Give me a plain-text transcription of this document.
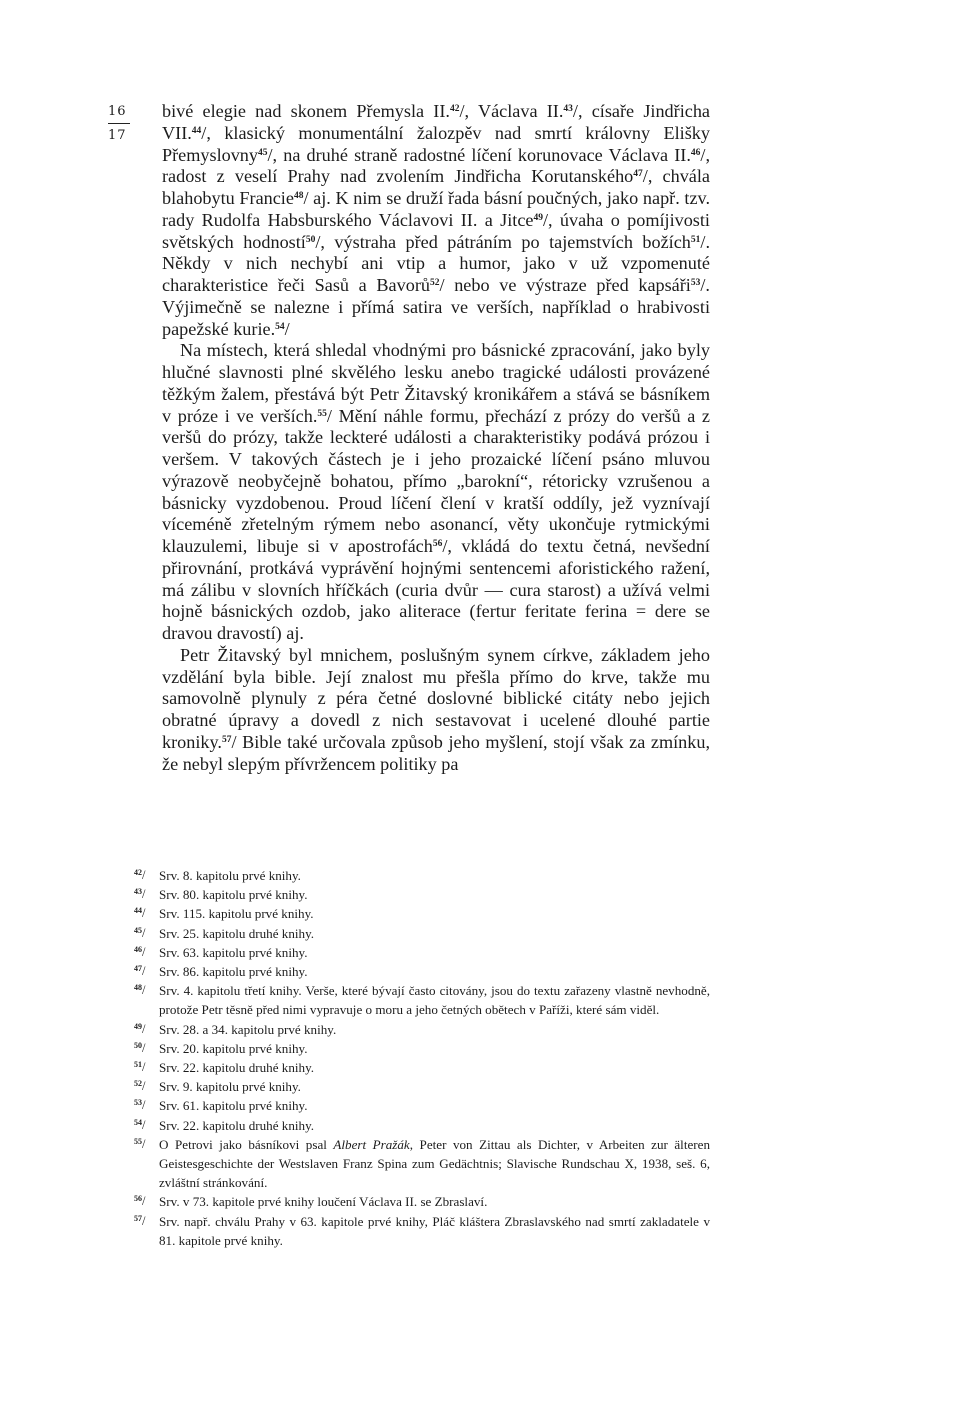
16
17

bivé elegie nad skonem Přemysla II.$^{42}$/, Václava II.$^{43}$/, císaře Jindřicha VII.$^{44}$/, klasický monumentální žalozpěv nad smrtí královny Elišky Přemyslovny$^{45}$/, na druhé straně radostné líčení korunovace Václava II.$^{46}$/, radost z veselí Prahy nad zvolením Jindřicha Korutanského$^{47}$/, chvála blahobytu Francie$^{48}$/ aj. K nim se druží řada básní poučných, jako např. tzv. rady Rudolfa Habsburského Václavovi II. a Jitce$^{49}$/, úvaha o pomíjivosti světských hodností$^{50}$/, výstraha před pátráním po tajemstvích božích$^{51}$/. Někdy v nich nechybí ani vtip a humor, jako v už vzpomenuté charakteristice řeči Sasů a Bavorů$^{52}$/ nebo ve výstraze před kapsáři$^{53}$/. Výjimečně se nalezne i přímá satira ve verších, například o hrabivosti papežské kurie.$^{54}$/

Na místech, která shledal vhodnými pro básnické zpracování, jako byly hlučné slavnosti plné skvělého lesku anebo tragické události provázené těžkým žalem, přestává být Petr Žitavský kronikářem a stává se básníkem v próze i ve verších.$^{55}$/ Mění náhle formu, přechází z prózy do veršů a z veršů do prózy, takže leckteré události a charakteristiky podává prózou i veršem. V takových částech je i jeho prozaické líčení psáno mluvou výrazově neobyčejně bohatou, přímo „barokní“, rétoricky vzrušenou a básnicky vyzdobenou. Proud líčení člení v kratší oddíly, jež vyznívají víceméně zřetelným rýmem nebo asonancí, věty ukončuje rytmickými klauzulemi, libuje si v apostrofách$^{56}$/, vkládá do textu četná, nevšední přirovnání, protkává vyprávění hojnými sentencemi aforistického ražení, má zálibu v slovních hříčkách (curia dvůr — cura starost) a užívá velmi hojně básnických ozdob, jako aliterace (fertur feritate ferina = dere se dravou dravostí) aj.

Petr Žitavský byl mnichem, poslušným synem církve, základem jeho vzdělání byla bible. Její znalost mu přešla přímo do krve, takže mu samovolně plynuly z péra četné doslovné biblické citáty nebo jejich obratné úpravy a dovedl z nich sestavovat i ucelené dlouhé partie kroniky.$^{57}$/ Bible také určovala způsob jeho myšlení, stojí však za zmínku, že nebyl slepým přívržencem politiky pa

$^{42}$/	Srv. 8. kapitolu prvé knihy.
$^{43}$/	Srv. 80. kapitolu prvé knihy.
$^{44}$/	Srv. 115. kapitolu prvé knihy.
$^{45}$/	Srv. 25. kapitolu druhé knihy.
$^{46}$/	Srv. 63. kapitolu prvé knihy.
$^{47}$/	Srv. 86. kapitolu prvé knihy.
$^{48}$/	Srv. 4. kapitolu třetí knihy. Verše, které bývají často citovány, jsou do textu zařazeny vlastně nevhodně, protože Petr těsně před nimi vypravuje o moru a jeho četných obětech v Paříži, které sám viděl.
$^{49}$/	Srv. 28. a 34. kapitolu prvé knihy.
$^{50}$/	Srv. 20. kapitolu prvé knihy.
$^{51}$/	Srv. 22. kapitolu druhé knihy.
$^{52}$/	Srv. 9. kapitolu prvé knihy.
$^{53}$/	Srv. 61. kapitolu prvé knihy.
$^{54}$/	Srv. 22. kapitolu druhé knihy.
$^{55}$/	O Petrovi jako básníkovi psal Albert Pražák, Peter von Zittau als Dichter, v Arbeiten zur älteren Geistesgeschichte der Westslaven Franz Spina zum Gedächtnis; Slavische Rundschau X, 1938, seš. 6, zvláštní stránkování.
$^{56}$/	Srv. v 73. kapitole prvé knihy loučení Václava II. se Zbraslaví.
$^{57}$/	Srv. např. chválu Prahy v 63. kapitole prvé knihy, Pláč kláštera Zbraslavského nad smrtí zakladatele v 81. kapitole prvé knihy.
